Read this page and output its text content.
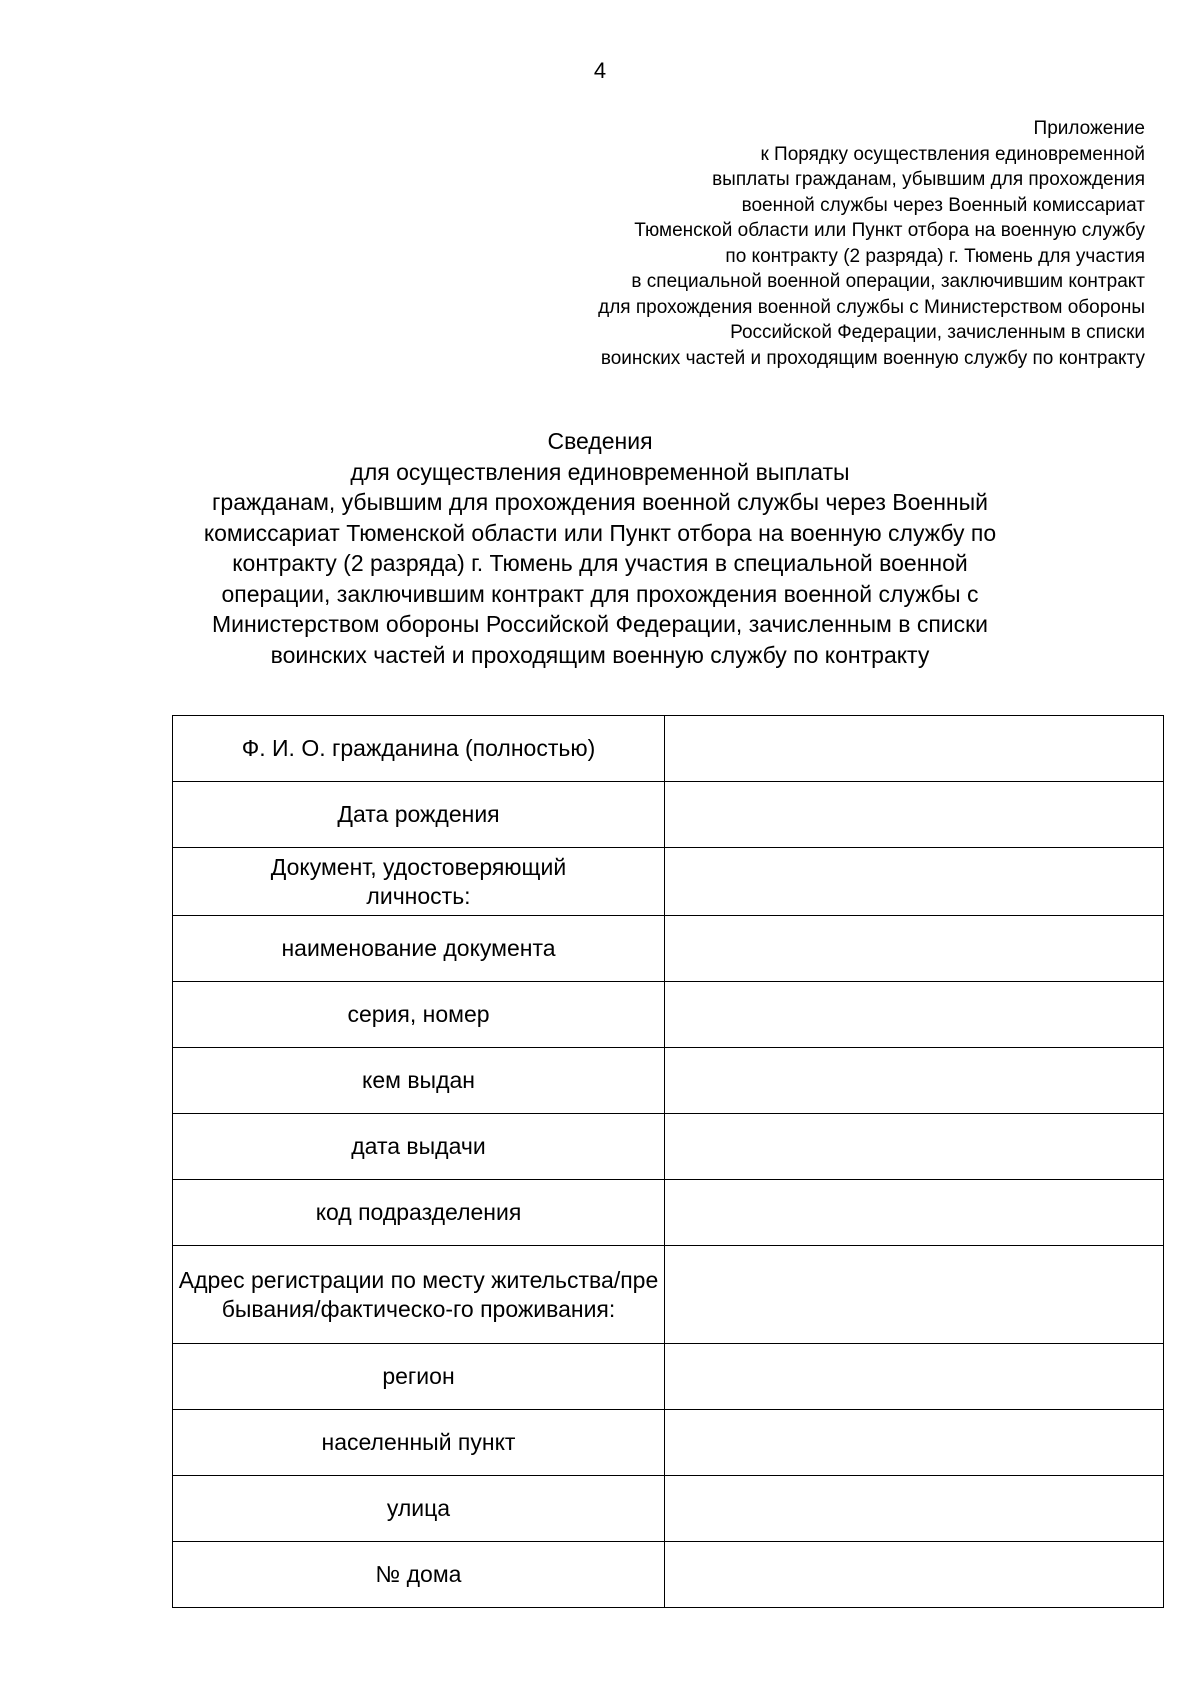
4
Приложение
к Порядку осуществления единовременной
выплаты гражданам, убывшим для прохождения
военной службы через Военный комиссариат
Тюменской области или Пункт отбора на военную службу
по контракту (2 разряда) г. Тюмень для участия
в специальной военной операции, заключившим контракт
для прохождения военной службы с Министерством обороны
Российской Федерации, зачисленным в списки
воинских частей и проходящим военную службу по контракту
Сведения
для осуществления единовременной выплаты
гражданам, убывшим для прохождения военной службы через Военный
комиссариат Тюменской области или Пункт отбора на военную службу по
контракту (2 разряда) г. Тюмень для участия в специальной военной
операции, заключившим контракт для прохождения военной службы с
Министерством обороны Российской Федерации, зачисленным в списки
воинских частей и проходящим военную службу по контракту
Ф. И. О. гражданина (полностью)	
Дата рождения	
Документ, удостоверяющий личность:	
наименование документа	
серия, номер	
кем выдан	
дата выдачи	
код подразделения	
Адрес регистрации по месту жительства/пребывания/фактическо-го проживания:	
регион	
населенный пункт	
улица	
№ дома	
